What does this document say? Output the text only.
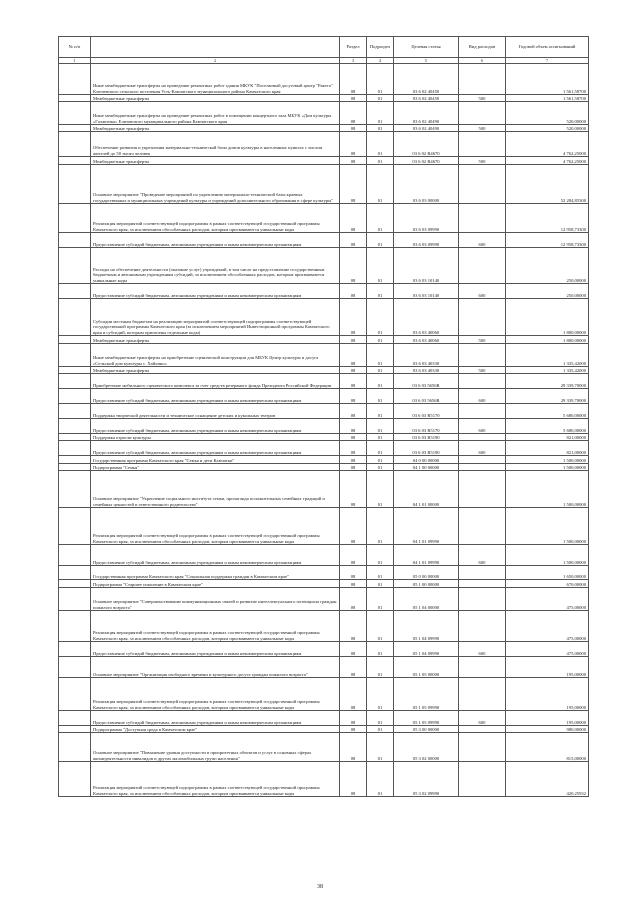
№ п/п		Раздел	Подраздел	Целевая статья	Вид расходов	Годовой объем ассигнований
1	2	3	4	5	6	7
	Иные межбюджетные трансферты на проведение ремонтных работ здания МКУК "Поселковый досуговый центр "Ракета" Ключевского сельского поселения Усть-Камчатского муниципального района Камчатского края	08	01	03 6 02 40450		1 561,58700
	Межбюджетные трансферты	08	01	03 6 02 40450	500	1 561,58700
	Иные межбюджетные трансферты на проведение ремонтных работ в помещении концертного зала МБУК «Дом культуры «Галактика» Елизовского муниципального района Камчатского края	08	01	03 6 02 40490		520,00000
	Межбюджетные трансферты	08	01	03 6 02 40490	500	520,00000
	Обеспечение развития и укрепления материально-технической базы домов культуры в населенных пунктах с числом жителей до 50 тысяч человек	08	01	03 6 02 R4670		4 762,25000
	Межбюджетные трансферты	08	01	03 6 02 R4670	500	4 762,25000
	Основное мероприятие "Проведение мероприятий по укреплению материально-технической базы краевых государственных и муниципальных учреждений культуры и учреждений дополнительного образования в сфере культуры"	08	01	03 6 03 00000		52 284,85300
	Реализация мероприятий соответствующей подпрограммы в рамках соответствующей государственной программы Камчатского края, за исключением обособленных расходов, которым присваиваются уникальные коды	08	01	03 6 03 09990		12 958,73300
	Предоставление субсидий бюджетным, автономным учреждениям и иным некоммерческим организациям	08	01	03 6 03 09990	600	12 958,73300
	Расходы на обеспечение деятельности (оказание услуг) учреждений, в том числе на предоставление государственным бюджетным и автономным учреждениям субсидий, за исключением обособленных расходов, которым присваиваются уникальные коды	08	01	03 6 03 10140		250,00000
	Предоставление субсидий бюджетным, автономным учреждениям и иным некоммерческим организациям	08	01	03 6 03 10140	600	250,00000
	Субсидии местным бюджетам на реализацию мероприятий соответствующей подпрограммы соответствующей государственной программы Камчатского края (за исключением мероприятий Инвестиционной программы Камчатского края и субсидий, которым присвоены отдельные коды)	08	01	03 6 03 40060		1 800,00000
	Межбюджетные трансферты	08	01	03 6 03 40060	500	1 800,00000
	Иные межбюджетные трансферты на приобретение сценической конструкции для МБУК Центр культуры и досуга «Сельский дом культуры с. Хайлино»	08	01	03 6 03 40330		1 335,42000
	Межбюджетные трансферты	08	01	03 6 03 40330	500	1 335,42000
	Приобретение мобильного сценического комплекса за счет средств резервного фонда Президента Российской Федерации	08	01	03 6 03 5656R		29 339,70000
	Предоставление субсидий бюджетным, автономным учреждениям и иным некоммерческим организациям	08	01	03 6 03 5656R	600	29 339,70000
	Поддержка творческой деятельности и техническое оснащение детских и кукольных театров	08	01	03 6 03 R5170		5 680,00000
	Предоставление субсидий бюджетным, автономным учреждениям и иным некоммерческим организациям	08	01	03 6 03 R5170	600	5 680,00000
	Поддержка отрасли культуры	08	01	03 6 03 R5190		821,00000
	Предоставление субсидий бюджетным, автономным учреждениям и иным некоммерческим организациям	08	01	03 6 03 R5190	600	821,00000
	Государственная программа Камчатского края "Семья и дети Камчатки"	08	01	04 0 00 00000		1 500,00000
	Подпрограмма "Семья"	08	01	04 1 00 00000		1 500,00000
	Основное мероприятие "Укрепление социального института семьи, пропаганда положительных семейных традиций и семейных ценностей и ответственного родительства"	08	01	04 1 01 00000		1 500,00000
	Реализация мероприятий соответствующей подпрограммы в рамках соответствующей государственной программы Камчатского края, за исключением обособленных расходов, которым присваиваются уникальные коды	08	01	04 1 01 09990		1 500,00000
	Предоставление субсидий бюджетным, автономным учреждениям и иным некоммерческим организациям	08	01	04 1 01 09990	600	1 500,00000
	Государственная программа Камчатского края "Социальная поддержка граждан в Камчатском крае"	08	01	05 0 00 00000		1 650,00000
	Подпрограмма "Старшее поколение в Камчатском крае"	08	01	05 1 00 00000		670,00000
	Основное мероприятие "Совершенствование коммуникационных связей и развитие интеллектуального потенциала граждан пожилого возраста"	08	01	05 1 04 00000		475,00000
	Реализация мероприятий соответствующей подпрограммы в рамках соответствующей государственной программы Камчатского края, за исключением обособленных расходов, которым присваиваются уникальные коды	08	01	05 1 04 09990		475,00000
	Предоставление субсидий бюджетным, автономным учреждениям и иным некоммерческим организациям	08	01	05 1 04 09990	600	475,00000
	Основное мероприятие "Организация свободного времени и культурного досуга граждан пожилого возраста"	08	01	05 1 05 00000		195,00000
	Реализация мероприятий соответствующей подпрограммы в рамках соответствующей государственной программы Камчатского края, за исключением обособленных расходов, которым присваиваются уникальные коды	08	01	05 1 05 09990		195,00000
	Предоставление субсидий бюджетным, автономным учреждениям и иным некоммерческим организациям	08	01	05 1 05 09990	600	195,00000
	Подпрограмма "Доступная среда в Камчатском крае"	08	01	05 3 00 00000		980,00000
	Основное мероприятие "Повышение уровня доступности в приоритетных объектов и услуг в основных сферах жизнедеятельности инвалидов и других маломобильных групп населения"	08	01	05 3 02 00000		815,00000
	Реализация мероприятий соответствующей подпрограммы в рамках соответствующей государственной программы Камчатского края, за исключением обособленных расходов, которым присваиваются уникальные коды	08	01	05 3 02 09990		420,25932
38
